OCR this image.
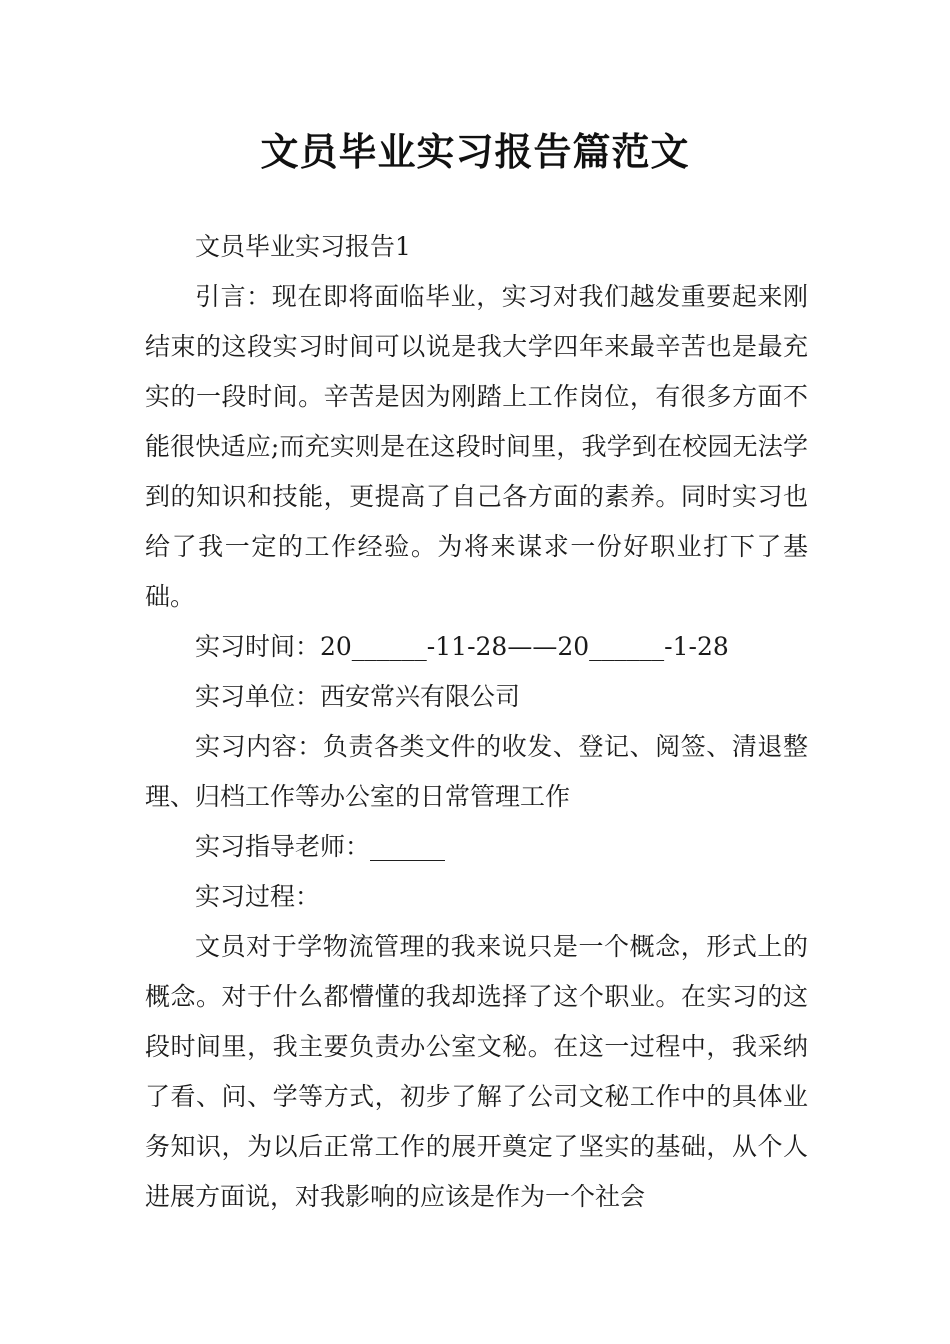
文员毕业实习报告篇范文

文员毕业实习报告1

引言：现在即将面临毕业，实习对我们越发重要起来刚结束的这段实习时间可以说是我大学四年来最辛苦也是最充实的一段时间。辛苦是因为刚踏上工作岗位，有很多方面不能很快适应;而充实则是在这段时间里，我学到在校园无法学到的知识和技能，更提高了自己各方面的素养。同时实习也给了我一定的工作经验。为将来谋求一份好职业打下了基础。

实习时间：20______-11-28——20______-1-28

实习单位：西安常兴有限公司

实习内容：负责各类文件的收发、登记、阅签、清退整理、归档工作等办公室的日常管理工作

实习指导老师：______

实习过程：

文员对于学物流管理的我来说只是一个概念，形式上的概念。对于什么都懵懂的我却选择了这个职业。在实习的这段时间里，我主要负责办公室文秘。在这一过程中，我采纳了看、问、学等方式，初步了解了公司文秘工作中的具体业务知识，为以后正常工作的展开奠定了坚实的基础，从个人进展方面说，对我影响的应该是作为一个社会
